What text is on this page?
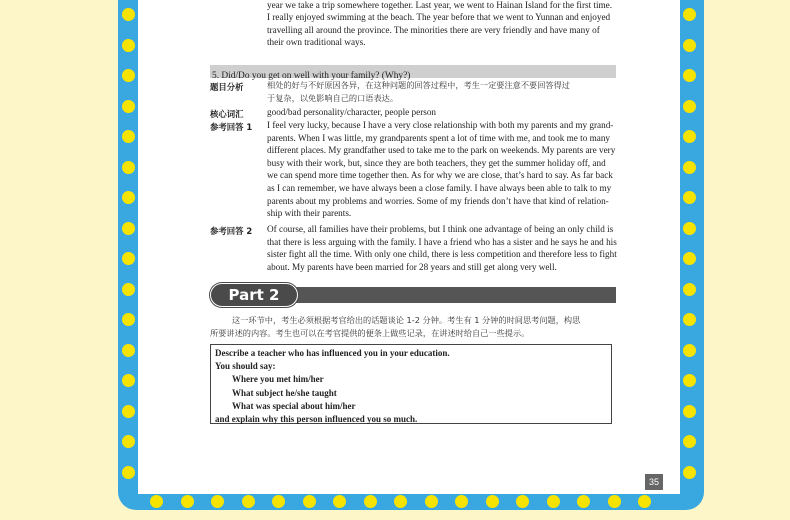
year we take a trip somewhere together. Last year, we went to Hainan Island for the first time.
I really enjoyed swimming at the beach. The year before that we went to Yunnan and enjoyed
travelling all around the province. The minorities there are very friendly and have many of
their own traditional ways.
5. Did/Do you get on well with your family? (Why?)
题目分析	相处的好与不好原因各异，在这种问题的回答过程中，考生一定要注意不要回答得过
于复杂，以免影响自己的口语表达。
核心词汇	good/bad personality/character, people person
参考回答 1 I feel very lucky, because I have a very close relationship with both my parents and my grand-
parents. When I was little, my grandparents spent a lot of time with me, and took me to many
different places. My grandfather used to take me to the park on weekends. My parents are very
busy with their work, but, since they are both teachers, they get the summer holiday off, and
we can spend more time together then. As for why we are close, that’s hard to say. As far back
as I can remember, we have always been a close family. I have always been able to talk to my
parents about my problems and worries. Some of my friends don’t have that kind of relation-
ship with their parents.
参考回答 2 Of course, all families have their problems, but I think one advantage of being an only child is
that there is less arguing with the family. I have a friend who has a sister and he says he and his
sister fight all the time. With only one child, there is less competition and therefore less to fight
about. My parents have been married for 28 years and still get along very well.
Part 2
这一环节中，考生必须根据考官给出的话题谈论 1-2 分钟。考生有 1 分钟的时间思考问题，构思
所要讲述的内容。考生也可以在考官提供的便条上做些记录，在讲述时给自己一些提示。
Describe a teacher who has influenced you in your education.
You should say:
Where you met him/her
What subject he/she taught
What was special about him/her
and explain why this person influenced you so much.
35
